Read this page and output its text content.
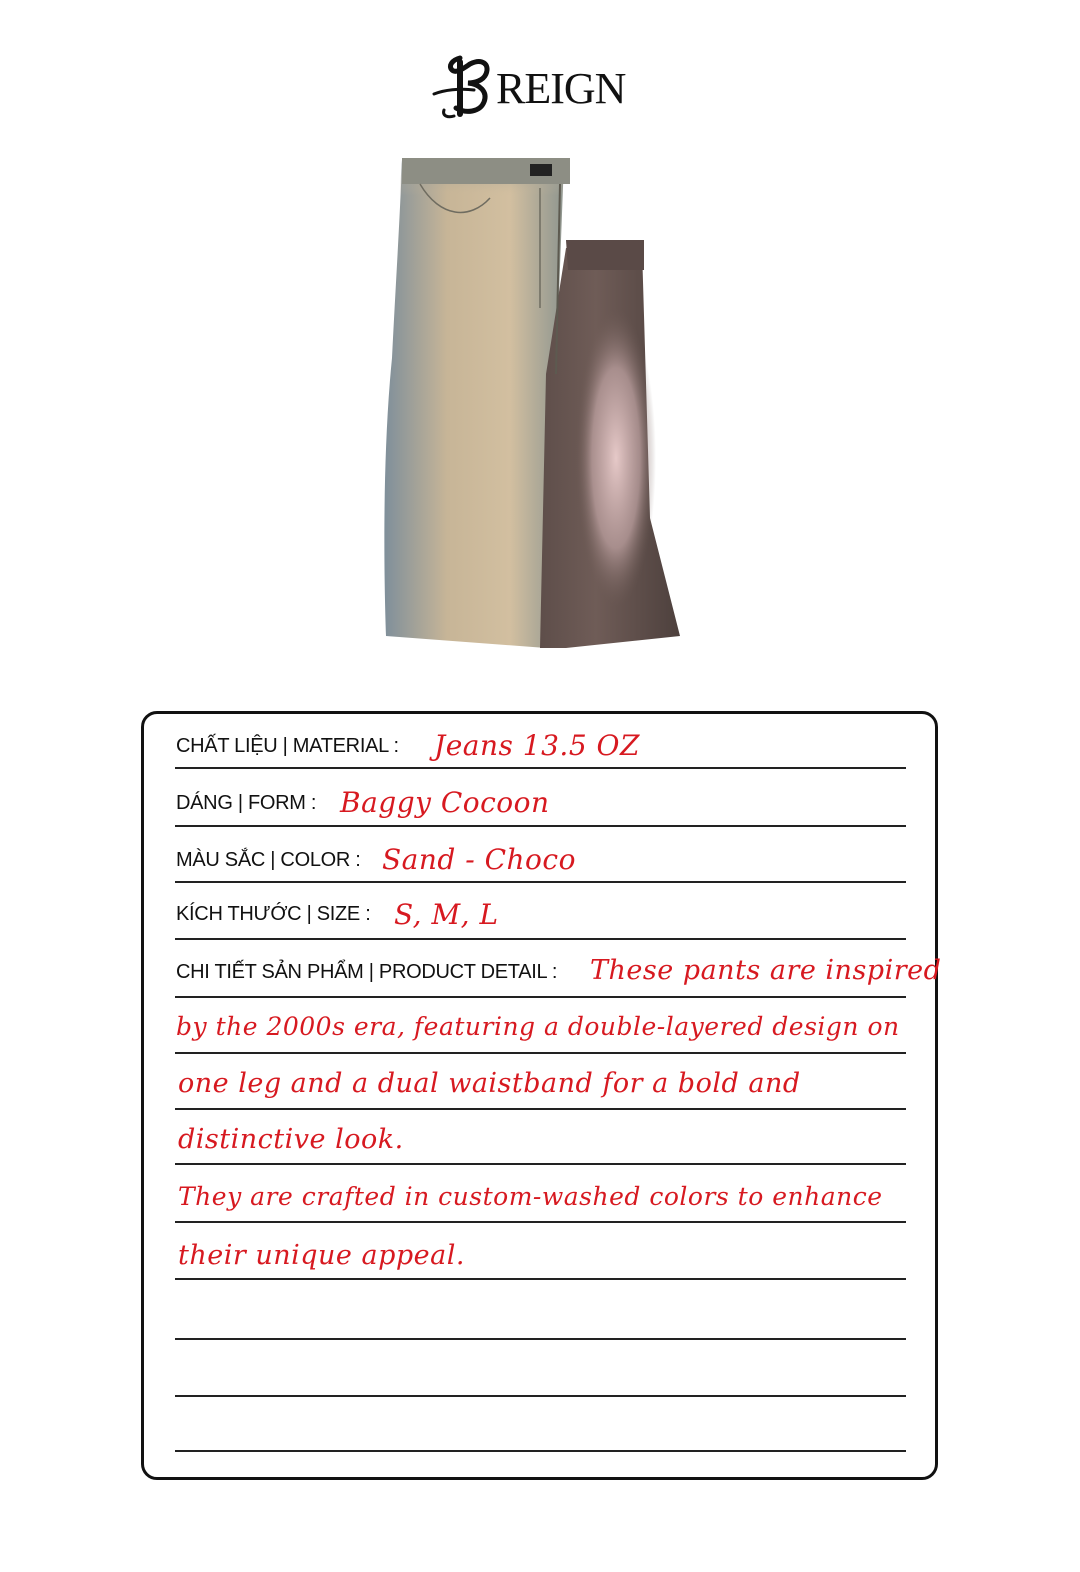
REIGN
CHẤT LIỆU | MATERIAL :
DÁNG | FORM :
MÀU SẮC | COLOR :
KÍCH THƯỚC | SIZE :
CHI TIẾT SẢN PHẨM | PRODUCT DETAIL :
Jeans 13.5 OZ
Baggy Cocoon
Sand - Choco
S, M, L
These pants are inspired
by the 2000s era, featuring a double-layered design on
one leg and a dual waistband for a bold and
distinctive look.
They are crafted in custom-washed colors to enhance
their unique appeal.
